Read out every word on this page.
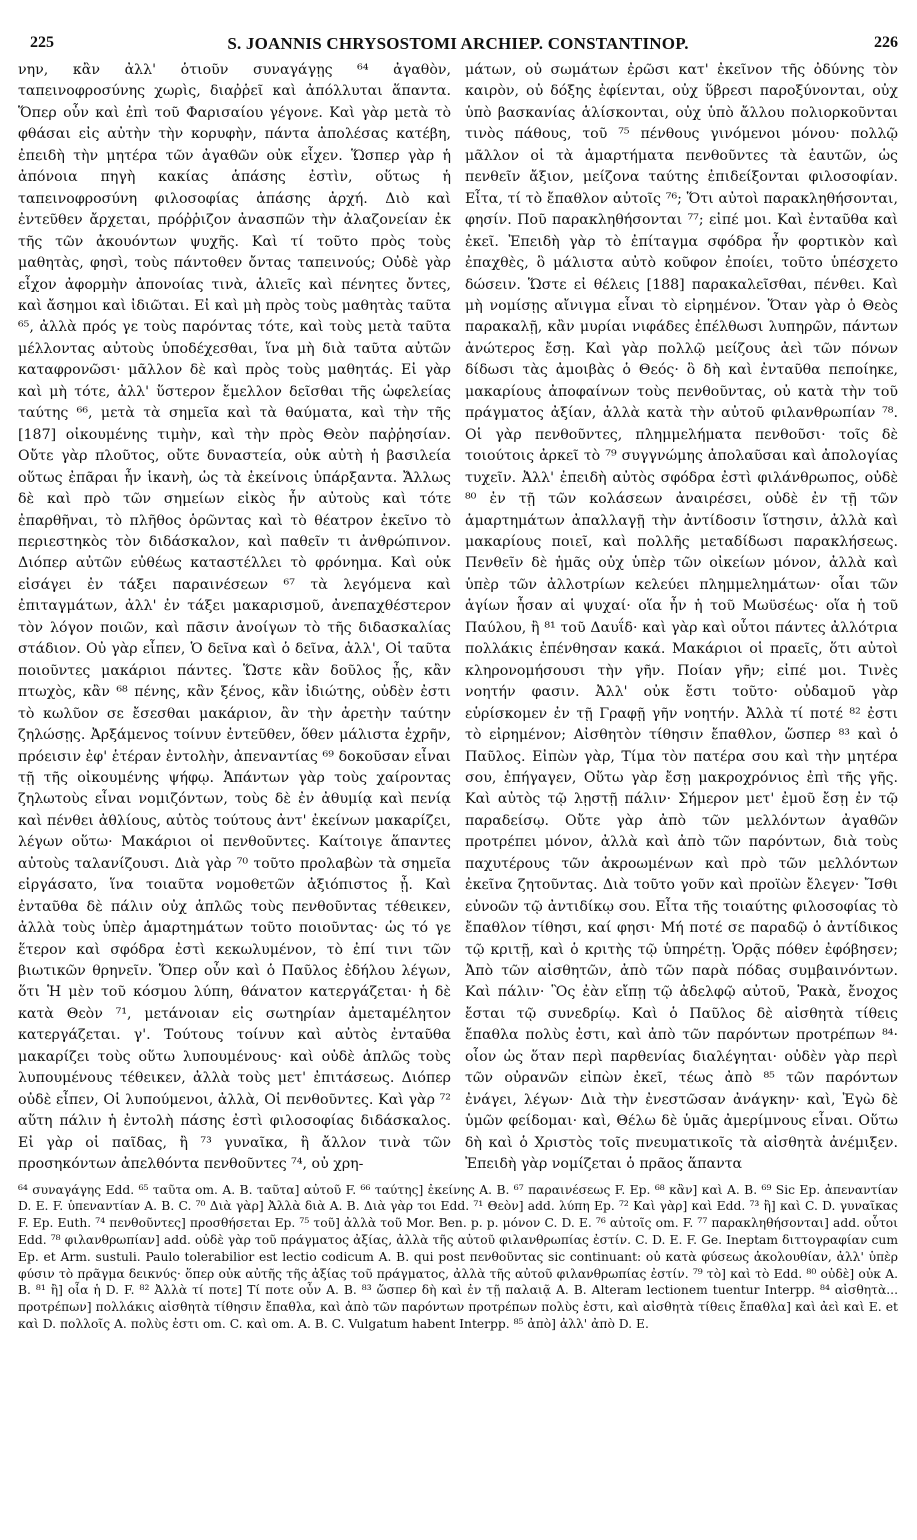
225	S. JOANNIS CHRYSOSTOMI ARCHIEP. CONSTANTINOP.	226

νην, κἂν ἀλλ' ὁτιοῦν συναγάγῃς ⁶⁴ ἀγαθὸν, ταπεινοφροσύνης χωρὶς, διαῤῥεῖ καὶ ἀπόλλυται ἅπαντα. Ὅπερ οὖν καὶ ἐπὶ τοῦ Φαρισαίου γέγονε. Καὶ γὰρ μετὰ τὸ φθάσαι εἰς αὐτὴν τὴν κορυφὴν, πάντα ἀπολέσας κατέβη, ἐπειδὴ τὴν μητέρα τῶν ἀγαθῶν οὐκ εἶχεν. Ὥσπερ γὰρ ἡ ἀπόνοια πηγὴ κακίας ἁπάσης ἐστὶν, οὕτως ἡ ταπεινοφροσύνη φιλοσοφίας ἁπάσης ἀρχή. Διὸ καὶ ἐντεῦθεν ἄρχεται, πρόῤῥιζον ἀνασπῶν τὴν ἀλαζονείαν ἐκ τῆς τῶν ἀκουόντων ψυχῆς. Καὶ τί τοῦτο πρὸς τοὺς μαθητὰς, φησὶ, τοὺς πάντοθεν ὄντας ταπεινούς; Οὐδὲ γὰρ εἶχον ἀφορμὴν ἀπονοίας τινὰ, ἁλιεῖς καὶ πένητες ὄντες, καὶ ἄσημοι καὶ ἰδιῶται. Εἰ καὶ μὴ πρὸς τοὺς μαθητὰς ταῦτα ⁶⁵, ἀλλὰ πρός γε τοὺς παρόντας τότε, καὶ τοὺς μετὰ ταῦτα μέλλοντας αὐτοὺς ὑποδέχεσθαι, ἵνα μὴ διὰ ταῦτα αὐτῶν καταφρονῶσι· μᾶλλον δὲ καὶ πρὸς τοὺς μαθητάς. Εἰ γὰρ καὶ μὴ τότε, ἀλλ' ὕστερον ἔμελλον δεῖσθαι τῆς ὠφελείας ταύτης ⁶⁶, μετὰ τὰ σημεῖα καὶ τὰ θαύματα, καὶ τὴν τῆς [187] οἰκουμένης τιμὴν, καὶ τὴν πρὸς Θεὸν παῤῥησίαν. Οὔτε γὰρ πλοῦτος, οὔτε δυναστεία, οὐκ αὐτὴ ἡ βασιλεία οὕτως ἐπᾶραι ἦν ἱκανὴ, ὡς τὰ ἐκείνοις ὑπάρξαντα. Ἄλλως δὲ καὶ πρὸ τῶν σημείων εἰκὸς ἦν αὐτοὺς καὶ τότε ἐπαρθῆναι, τὸ πλῆθος ὁρῶντας καὶ τὸ θέατρον ἐκεῖνο τὸ περιεστηκὸς τὸν διδάσκαλον, καὶ παθεῖν τι ἀνθρώπινον. Διόπερ αὐτῶν εὐθέως καταστέλλει τὸ φρόνημα. Καὶ οὐκ εἰσάγει ἐν τάξει παραινέσεων ⁶⁷ τὰ λεγόμενα καὶ ἐπιταγμάτων, ἀλλ' ἐν τάξει μακαρισμοῦ, ἀνεπαχθέστερον τὸν λόγον ποιῶν, καὶ πᾶσιν ἀνοίγων τὸ τῆς διδασκαλίας στάδιον. Οὐ γὰρ εἶπεν, Ὁ δεῖνα καὶ ὁ δεῖνα, ἀλλ', Οἱ ταῦτα ποιοῦντες μακάριοι πάντες. Ὥστε κἂν δοῦλος ᾖς, κἂν πτωχὸς, κἂν ⁶⁸ πένης, κἂν ξένος, κἂν ἰδιώτης, οὐδὲν ἐστι τὸ κωλῦον σε ἔσεσθαι μακάριον, ἂν τὴν ἀρετὴν ταύτην ζηλώσῃς. Ἀρξάμενος τοίνυν ἐντεῦθεν, ὅθεν μάλιστα ἐχρῆν, πρόεισιν ἐφ' ἑτέραν ἐντολὴν, ἀπεναντίας ⁶⁹ δοκοῦσαν εἶναι τῇ τῆς οἰκουμένης ψήφῳ. Ἁπάντων γὰρ τοὺς χαίροντας ζηλωτοὺς εἶναι νομιζόντων, τοὺς δὲ ἐν ἀθυμίᾳ καὶ πενίᾳ καὶ πένθει ἀθλίους, αὐτὸς τούτους ἀντ' ἐκείνων μακαρίζει, λέγων οὕτω· Μακάριοι οἱ πενθοῦντες. Καίτοιγε ἅπαντες αὐτοὺς ταλανίζουσι. Διὰ γὰρ ⁷⁰ τοῦτο προλαβὼν τὰ σημεῖα εἰργάσατο, ἵνα τοιαῦτα νομοθετῶν ἀξιόπιστος ᾖ. Καὶ ἐνταῦθα δὲ πάλιν οὐχ ἁπλῶς τοὺς πενθοῦντας τέθεικεν, ἀλλὰ τοὺς ὑπὲρ ἁμαρτημάτων τοῦτο ποιοῦντας· ὡς τό γε ἕτερον καὶ σφόδρα ἐστὶ κεκωλυμένον, τὸ ἐπί τινι τῶν βιωτικῶν θρηνεῖν. Ὅπερ οὖν καὶ ὁ Παῦλος ἐδήλου λέγων, ὅτι Ἡ μὲν τοῦ κόσμου λύπη, θάνατον κατεργάζεται· ἡ δὲ κατὰ Θεὸν ⁷¹, μετάνοιαν εἰς σωτηρίαν ἀμεταμέλητον κατεργάζεται. γ'. Τούτους τοίνυν καὶ αὐτὸς ἐνταῦθα μακαρίζει τοὺς οὕτω λυπουμένους· καὶ οὐδὲ ἁπλῶς τοὺς λυπουμένους τέθεικεν, ἀλλὰ τοὺς μετ' ἐπιτάσεως. Διόπερ οὐδὲ εἶπεν, Οἱ λυπούμενοι, ἀλλὰ, Οἱ πενθοῦντες. Καὶ γὰρ ⁷² αὕτη πάλιν ἡ ἐντολὴ πάσης ἐστὶ φιλοσοφίας διδάσκαλος. Εἰ γὰρ οἱ παῖδας, ἢ ⁷³ γυναῖκα, ἢ ἄλλον τινὰ τῶν προσηκόντων ἀπελθόντα πενθοῦντες ⁷⁴, οὐ χρη-

μάτων, οὐ σωμάτων ἐρῶσι κατ' ἐκεῖνον τῆς ὀδύνης τὸν καιρὸν, οὐ δόξης ἐφίενται, οὐχ ὕβρεσι παροξύνονται, οὐχ ὑπὸ βασκανίας ἁλίσκονται, οὐχ ὑπὸ ἄλλου πολιορκοῦνται τινὸς πάθους, τοῦ ⁷⁵ πένθους γινόμενοι μόνου· πολλῷ μᾶλλον οἱ τὰ ἁμαρτήματα πενθοῦντες τὰ ἑαυτῶν, ὡς πενθεῖν ἄξιον, μείζονα ταύτης ἐπιδείξονται φιλοσοφίαν. Εἶτα, τί τὸ ἔπαθλον αὐτοῖς ⁷⁶; Ὅτι αὐτοὶ παρακληθήσονται, φησίν. Ποῦ παρακληθήσονται ⁷⁷; εἰπέ μοι. Καὶ ἐνταῦθα καὶ ἐκεῖ. Ἐπειδὴ γὰρ τὸ ἐπίταγμα σφόδρα ἦν φορτικὸν καὶ ἐπαχθὲς, ὃ μάλιστα αὐτὸ κοῦφον ἐποίει, τοῦτο ὑπέσχετο δώσειν. Ὥστε εἰ θέλεις [188] παρακαλεῖσθαι, πένθει. Καὶ μὴ νομίσῃς αἴνιγμα εἶναι τὸ εἰρημένον. Ὅταν γὰρ ὁ Θεὸς παρακαλῇ, κἂν μυρίαι νιφάδες ἐπέλθωσι λυπηρῶν, πάντων ἀνώτερος ἔσῃ. Καὶ γὰρ πολλῷ μείζους ἀεὶ τῶν πόνων δίδωσι τὰς ἀμοιβὰς ὁ Θεός· ὃ δὴ καὶ ἐνταῦθα πεποίηκε, μακαρίους ἀποφαίνων τοὺς πενθοῦντας, οὐ κατὰ τὴν τοῦ πράγματος ἀξίαν, ἀλλὰ κατὰ τὴν αὐτοῦ φιλανθρωπίαν ⁷⁸. Οἱ γὰρ πενθοῦντες, πλημμελήματα πενθοῦσι· τοῖς δὲ τοιούτοις ἀρκεῖ τὸ ⁷⁹ συγγνώμης ἀπολαῦσαι καὶ ἀπολογίας τυχεῖν. Ἀλλ' ἐπειδὴ αὐτὸς σφόδρα ἐστὶ φιλάνθρωπος, οὐδὲ ⁸⁰ ἐν τῇ τῶν κολάσεων ἀναιρέσει, οὐδὲ ἐν τῇ τῶν ἁμαρτημάτων ἀπαλλαγῇ τὴν ἀντίδοσιν ἵστησιν, ἀλλὰ καὶ μακαρίους ποιεῖ, καὶ πολλῆς μεταδίδωσι παρακλήσεως. Πενθεῖν δὲ ἡμᾶς οὐχ ὑπὲρ τῶν οἰκείων μόνον, ἀλλὰ καὶ ὑπὲρ τῶν ἀλλοτρίων κελεύει πλημμελημάτων· οἷαι τῶν ἁγίων ἦσαν αἱ ψυχαί· οἵα ἦν ἡ τοῦ Μωϋσέως· οἵα ἡ τοῦ Παύλου, ἢ ⁸¹ τοῦ Δαυΐδ· καὶ γὰρ καὶ οὗτοι πάντες ἀλλότρια πολλάκις ἐπένθησαν κακά. Μακάριοι οἱ πραεῖς, ὅτι αὐτοὶ κληρονομήσουσι τὴν γῆν. Ποίαν γῆν; εἰπέ μοι. Τινὲς νοητήν φασιν. Ἀλλ' οὐκ ἔστι τοῦτο· οὐδαμοῦ γὰρ εὑρίσκομεν ἐν τῇ Γραφῇ γῆν νοητήν. Ἀλλὰ τί ποτέ ⁸² ἐστι τὸ εἰρημένον; Αἰσθητὸν τίθησιν ἔπαθλον, ὥσπερ ⁸³ καὶ ὁ Παῦλος. Εἰπὼν γὰρ, Τίμα τὸν πατέρα σου καὶ τὴν μητέρα σου, ἐπήγαγεν, Οὕτω γὰρ ἔσῃ μακροχρόνιος ἐπὶ τῆς γῆς. Καὶ αὐτὸς τῷ λῃστῇ πάλιν· Σήμερον μετ' ἐμοῦ ἔσῃ ἐν τῷ παραδείσῳ. Οὔτε γὰρ ἀπὸ τῶν μελλόντων ἀγαθῶν προτρέπει μόνον, ἀλλὰ καὶ ἀπὸ τῶν παρόντων, διὰ τοὺς παχυτέρους τῶν ἀκροωμένων καὶ πρὸ τῶν μελλόντων ἐκεῖνα ζητοῦντας. Διὰ τοῦτο γοῦν καὶ προϊὼν ἔλεγεν· Ἴσθι εὐνοῶν τῷ ἀντιδίκῳ σου. Εἶτα τῆς τοιαύτης φιλοσοφίας τὸ ἔπαθλον τίθησι, καί φησι· Μή ποτέ σε παραδῷ ὁ ἀντίδικος τῷ κριτῇ, καὶ ὁ κριτὴς τῷ ὑπηρέτῃ. Ὁρᾷς πόθεν ἐφόβησεν; Ἀπὸ τῶν αἰσθητῶν, ἀπὸ τῶν παρὰ πόδας συμβαινόντων. Καὶ πάλιν· Ὃς ἐὰν εἴπῃ τῷ ἀδελφῷ αὐτοῦ, Ῥακὰ, ἔνοχος ἔσται τῷ συνεδρίῳ. Καὶ ὁ Παῦλος δὲ αἰσθητὰ τίθεις ἔπαθλα πολὺς ἐστι, καὶ ἀπὸ τῶν παρόντων προτρέπων ⁸⁴· οἷον ὡς ὅταν περὶ παρθενίας διαλέγηται· οὐδὲν γὰρ περὶ τῶν οὐρανῶν εἰπὼν ἐκεῖ, τέως ἀπὸ ⁸⁵ τῶν παρόντων ἐνάγει, λέγων· Διὰ τὴν ἐνεστῶσαν ἀνάγκην· καὶ, Ἐγὼ δὲ ὑμῶν φείδομαι· καὶ, Θέλω δὲ ὑμᾶς ἀμερίμνους εἶναι. Οὕτω δὴ καὶ ὁ Χριστὸς τοῖς πνευματικοῖς τὰ αἰσθητὰ ἀνέμιξεν. Ἐπειδὴ γὰρ νομίζεται ὁ πρᾶος ἅπαντα

⁶⁴ συναγάγης Edd. ⁶⁵ ταῦτα om. A. B. ταῦτα] αὐτοῦ F. ⁶⁶ ταύτης] ἐκείνης A. B. ⁶⁷ παραινέσεως F. Ep. ⁶⁸ κἂν] καὶ A. B. ⁶⁹ Sic Ep. ἀπεναντίαν D. E. F. ὑπεναντίαν A. B. C. ⁷⁰ Διὰ γὰρ] Ἀλλὰ διὰ A. B. Διὰ γὰρ τοι Edd. ⁷¹ Θεὸν] add. λύπη Ep. ⁷² Καὶ γὰρ] καὶ Edd. ⁷³ ἢ] καὶ C. D. γυναῖκας F. Ep. Euth. ⁷⁴ πενθοῦντες] προσθήσεται Ep. ⁷⁵ τοῦ] ἀλλὰ τοῦ Mor. Ben. p. p. μόνον C. D. E. ⁷⁶ αὐτοῖς om. F. ⁷⁷ παρακληθήσονται] add. οὗτοι Edd. ⁷⁸ φιλανθρωπίαν] add. οὐδὲ γὰρ τοῦ πράγματος ἀξίας, ἀλλὰ τῆς αὐτοῦ φιλανθρωπίας ἐστίν. C. D. E. F. Ge. Ineptam διττογραφίαν cum Ep. et Arm. sustuli. Paulo tolerabilior est lectio codicum A. B. qui post πενθοῦντας sic continuant: οὐ κατὰ φύσεως ἀκολουθίαν, ἀλλ' ὑπὲρ φύσιν τὸ πρᾶγμα δεικνύς· ὅπερ οὐκ αὐτῆς τῆς ἀξίας τοῦ πράγματος, ἀλλὰ τῆς αὐτοῦ φιλανθρωπίας ἐστίν. ⁷⁹ τὸ] καὶ τὸ Edd. ⁸⁰ οὐδὲ] οὐκ A. B. ⁸¹ ἢ] οἷα ἡ D. F. ⁸² Ἀλλὰ τί ποτε] Τί ποτε οὖν A. B. ⁸³ ὥσπερ δὴ καὶ ἐν τῇ παλαιᾷ A. B. Alteram lectionem tuentur Interpp. ⁸⁴ αἰσθητὰ... προτρέπων] πολλάκις αἰσθητὰ τίθησιν ἔπαθλα, καὶ ἀπὸ τῶν παρόντων προτρέπων πολὺς ἐστι, καὶ αἰσθητὰ τίθεις ἔπαθλα] καὶ ἀεὶ καὶ E. et καὶ D. πολλοῖς A. πολὺς ἐστι om. C. καὶ om. A. B. C. Vulgatum habent Interpp. ⁸⁵ ἀπὸ] ἀλλ' ἀπὸ D. E.
